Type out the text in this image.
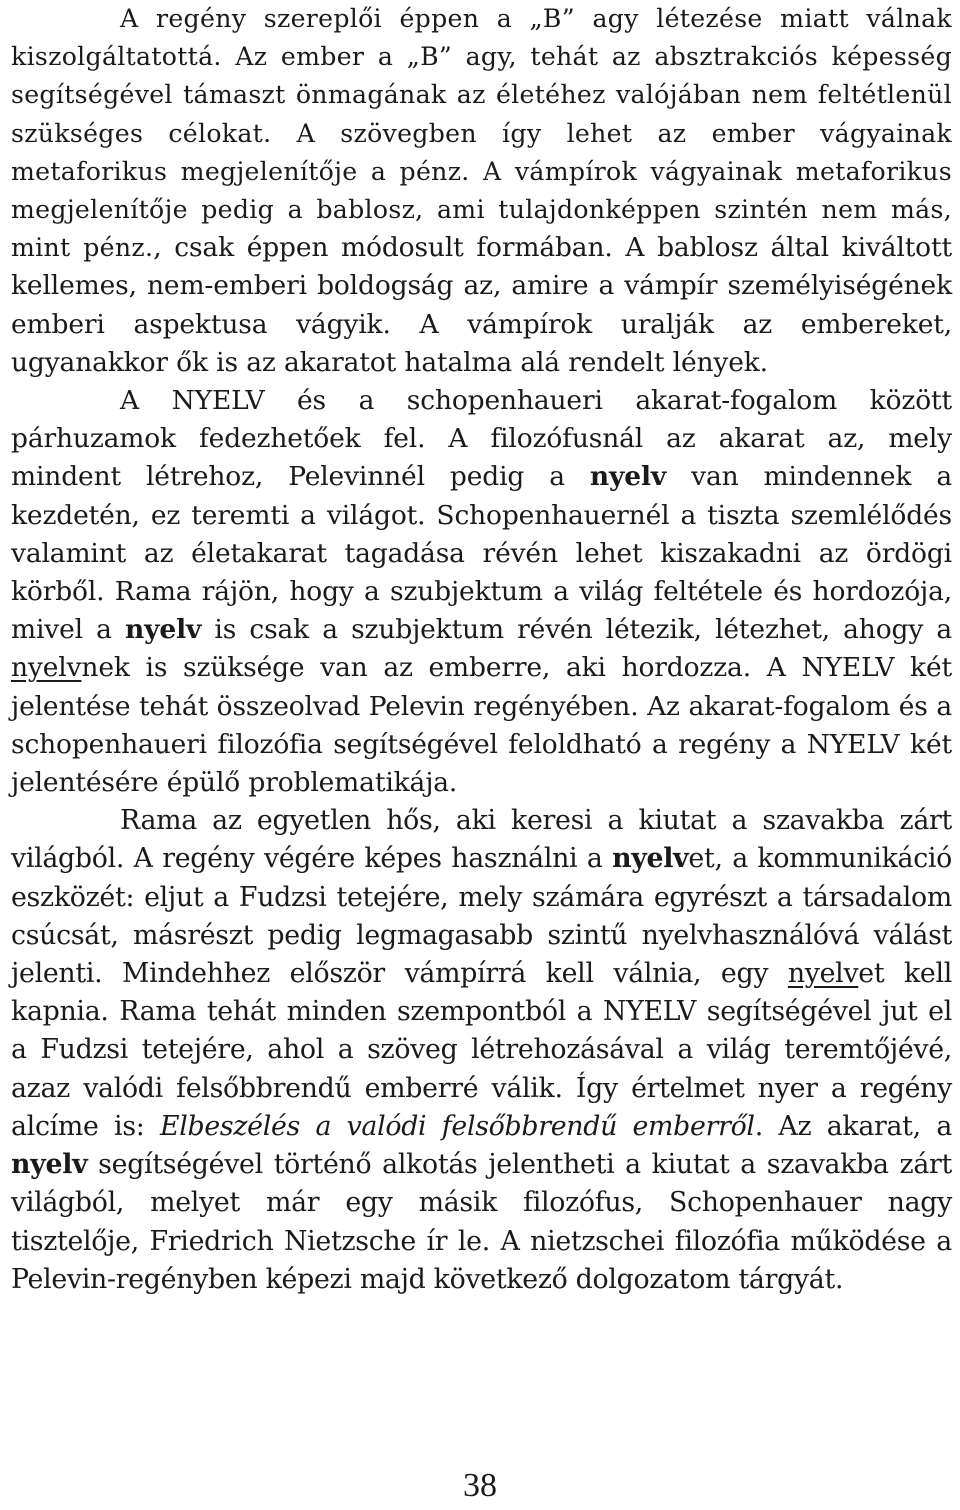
A regény szereplői éppen a „B” agy létezése miatt válnak kiszolgáltatottá. Az ember a „B” agy, tehát az absztrakciós képesség segítségével támaszt önmagának az életéhez valójában nem feltétlenül szükséges célokat. A szövegben így lehet az ember vágyainak metaforikus megjelenítője a pénz. A vámpírok vágyainak metaforikus megjelenítője pedig a bablosz, ami tulajdonképpen szintén nem más, mint pénz., csak éppen módosult formában. A bablosz által kiváltott kellemes, nem-emberi boldogság az, amire a vámpír személyiségének emberi aspektusa vágyik. A vámpírok uralják az embereket, ugyanakkor ők is az akaratot hatalma alá rendelt lények.

A NYELV és a schopenhaueri akarat-fogalom között párhuzamok fedezhetőek fel. A filozófusnál az akarat az, mely mindent létrehoz, Pelevinnél pedig a nyelv van mindennek a kezdetén, ez teremti a világot. Schopenhauernél a tiszta szemlélődés valamint az életakarat tagadása révén lehet kiszakadni az ördögi körből. Rama rájön, hogy a szubjektum a világ feltétele és hordozója, mivel a nyelv is csak a szubjektum révén létezik, létezhet, ahogy a nyelvnek is szüksége van az emberre, aki hordozza. A NYELV két jelentése tehát összeolvad Pelevin regényében. Az akarat-fogalom és a schopenhaueri filozófia segítségével feloldható a regény a NYELV két jelentésére épülő problematikája.

Rama az egyetlen hős, aki keresi a kiutat a szavakba zárt világból. A regény végére képes használni a nyelvet, a kommunikáció eszközét: eljut a Fudzsi tetejére, mely számára egyrészt a társadalom csúcsát, másrészt pedig legmagasabb szintű nyelvhasználóvá válást jelenti. Mindehhez először vámpírrá kell válnia, egy nyelvet kell kapnia. Rama tehát minden szempontból a NYELV segítségével jut el a Fudzsi tetejére, ahol a szöveg létrehozásával a világ teremtőjévé, azaz valódi felsőbbrendű emberré válik. Így értelmet nyer a regény alcíme is: Elbeszélés a valódi felsőbbrendű emberről. Az akarat, a nyelv segítségével történő alkotás jelentheti a kiutat a szavakba zárt világból, melyet már egy másik filozófus, Schopenhauer nagy tisztelője, Friedrich Nietzsche ír le. A nietzschei filozófia működése a Pelevin-regényben képezi majd következő dolgozatom tárgyát.

38
